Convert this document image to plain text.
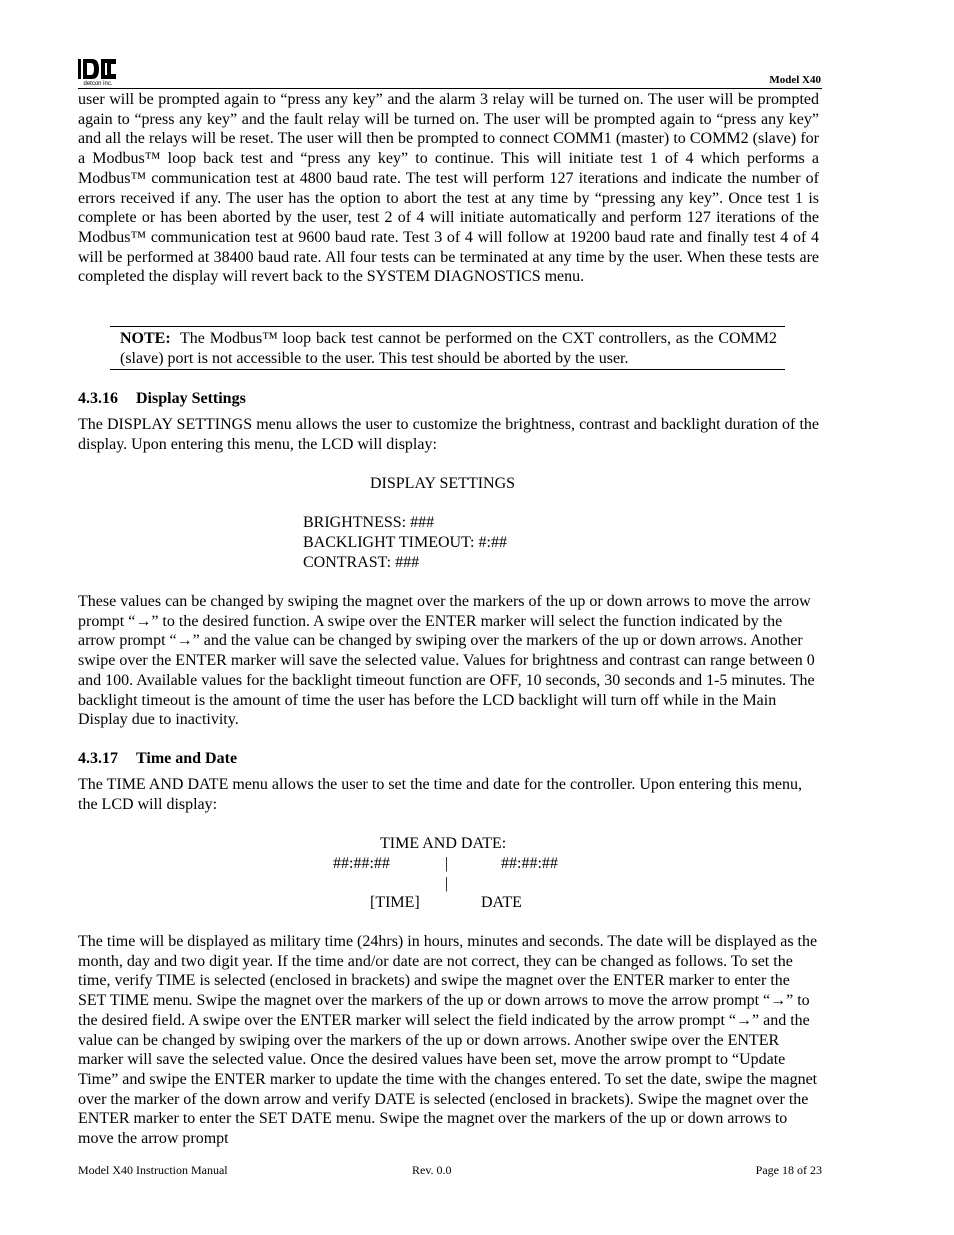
detcon inc.	Model X40

user will be prompted again to “press any key” and the alarm 3 relay will be turned on. The user will be prompted again to “press any key” and the fault relay will be turned on. The user will be prompted again to “press any key” and all the relays will be reset. The user will then be prompted to connect COMM1 (master) to COMM2 (slave) for a Modbus™ loop back test and “press any key” to continue. This will initiate test 1 of 4 which performs a Modbus™ communication test at 4800 baud rate. The test will perform 127 iterations and indicate the number of errors received if any. The user has the option to abort the test at any time by “pressing any key”. Once test 1 is complete or has been aborted by the user, test 2 of 4 will initiate automatically and perform 127 iterations of the Modbus™ communication test at 9600 baud rate. Test 3 of 4 will follow at 19200 baud rate and finally test 4 of 4 will be performed at 38400 baud rate. All four tests can be terminated at any time by the user. When these tests are completed the display will revert back to the SYSTEM DIAGNOSTICS menu.

NOTE: The Modbus™ loop back test cannot be performed on the CXT controllers, as the COMM2 (slave) port is not accessible to the user. This test should be aborted by the user.
4.3.16 Display Settings

The DISPLAY SETTINGS menu allows the user to customize the brightness, contrast and backlight duration of the display. Upon entering this menu, the LCD will display:

DISPLAY SETTINGS
BRIGHTNESS: ###
BACKLIGHT TIMEOUT: #:##
CONTRAST: ###

These values can be changed by swiping the magnet over the markers of the up or down arrows to move the arrow prompt “→” to the desired function. A swipe over the ENTER marker will select the function indicated by the arrow prompt “→” and the value can be changed by swiping over the markers of the up or down arrows. Another swipe over the ENTER marker will save the selected value. Values for brightness and contrast can range between 0 and 100. Available values for the backlight timeout function are OFF, 10 seconds, 30 seconds and 1-5 minutes. The backlight timeout is the amount of time the user has before the LCD backlight will turn off while in the Main Display due to inactivity.

4.3.17 Time and Date

The TIME AND DATE menu allows the user to set the time and date for the controller. Upon entering this menu, the LCD will display:

TIME AND DATE:
##:##:##	|	##:##:##
|
[TIME]	DATE

The time will be displayed as military time (24hrs) in hours, minutes and seconds. The date will be displayed as the month, day and two digit year. If the time and/or date are not correct, they can be changed as follows. To set the time, verify TIME is selected (enclosed in brackets) and swipe the magnet over the ENTER marker to enter the SET TIME menu. Swipe the magnet over the markers of the up or down arrows to move the arrow prompt “→” to the desired field. A swipe over the ENTER marker will select the field indicated by the arrow prompt “→” and the value can be changed by swiping over the markers of the up or down arrows. Another swipe over the ENTER marker will save the selected value. Once the desired values have been set, move the arrow prompt to “Update Time” and swipe the ENTER marker to update the time with the changes entered. To set the date, swipe the magnet over the marker of the down arrow and verify DATE is selected (enclosed in brackets). Swipe the magnet over the ENTER marker to enter the SET DATE menu. Swipe the magnet over the markers of the up or down arrows to move the arrow prompt

Model X40 Instruction Manual	Rev. 0.0	Page 18 of 23
